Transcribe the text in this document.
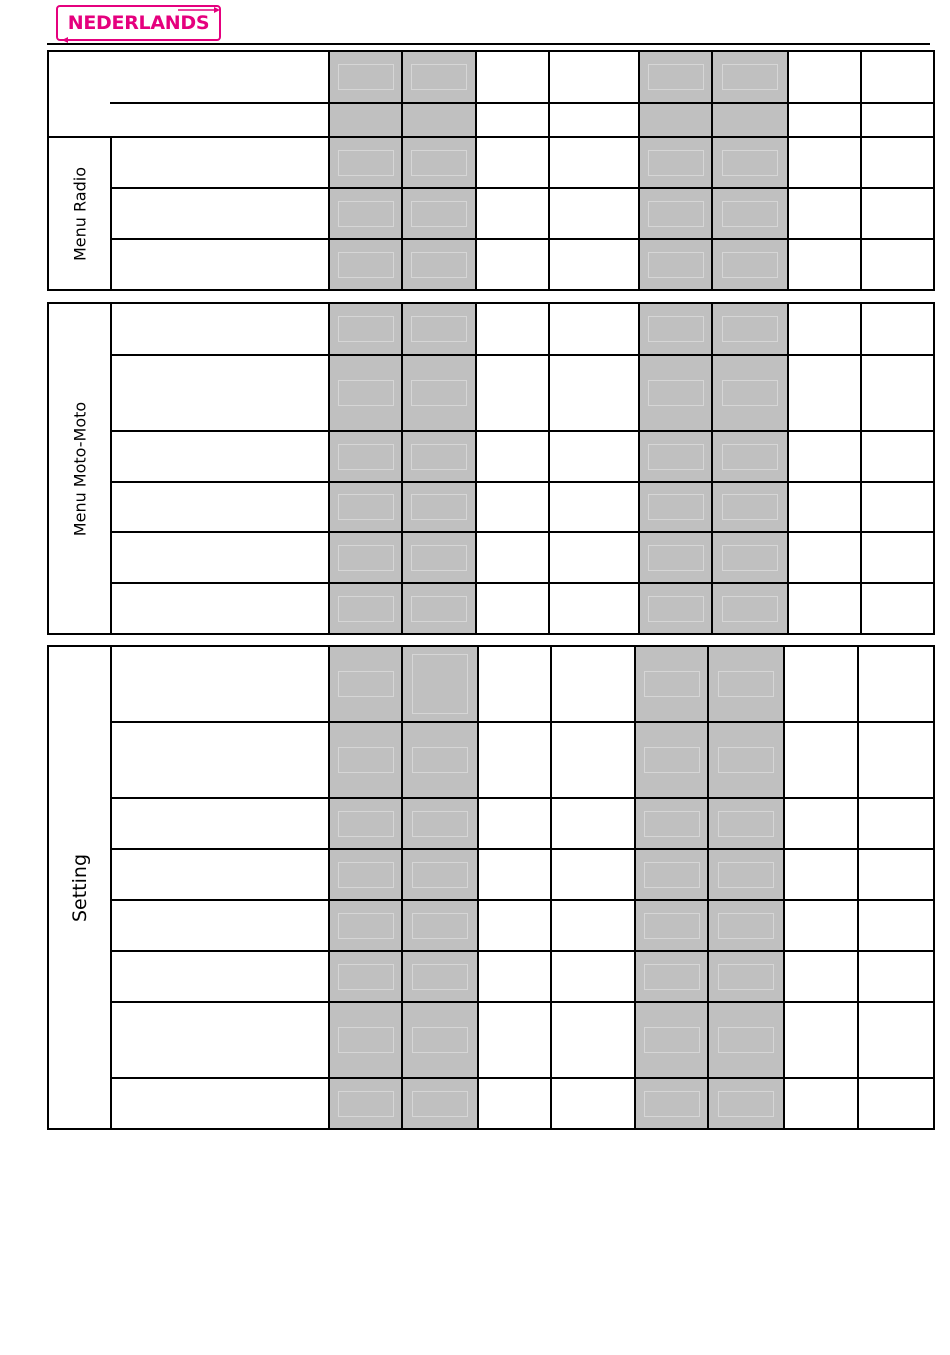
NEDERLANDS

Menu Radio									

Menu Moto-Moto									

Setting									
